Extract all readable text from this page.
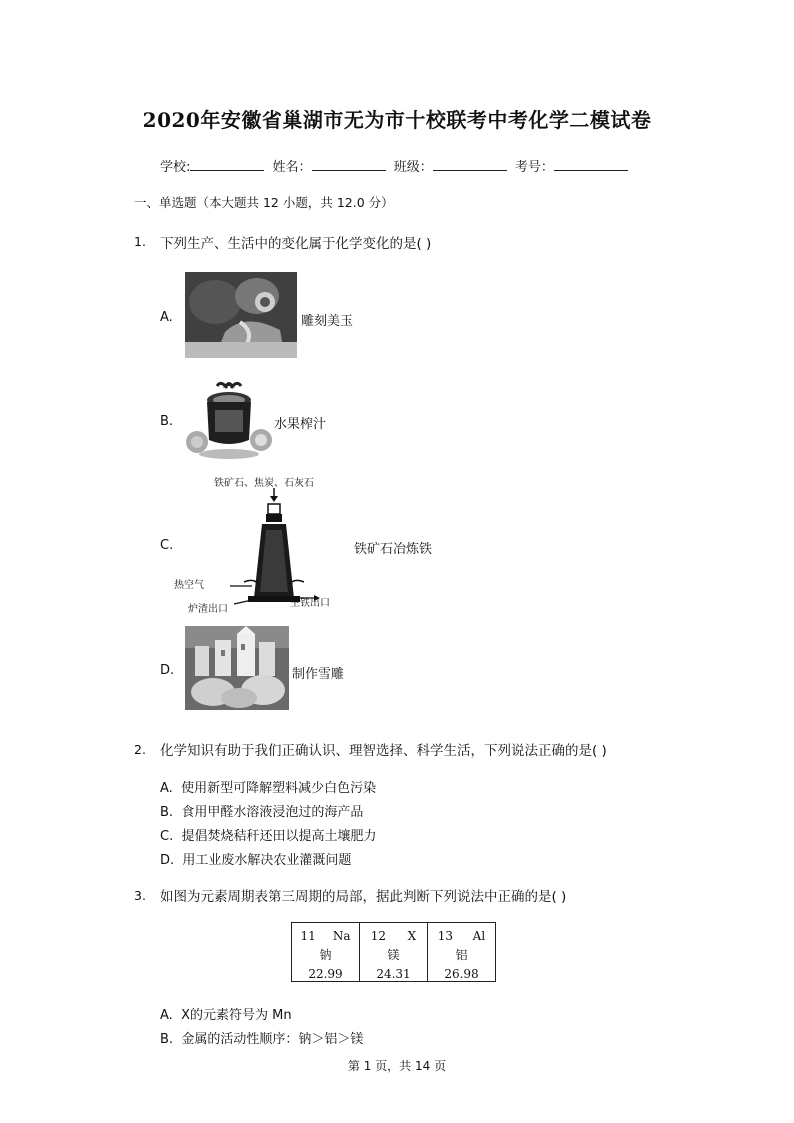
2020年安徽省巢湖市无为市十校联考中考化学二模试卷
学校:	姓名：	班级：	考号：
一、单选题（本大题共 12 小题，共 12.0 分）
1. 下列生产、生活中的变化属于化学变化的是( )
A.	雕刻美玉
B.	水果榨汁
C.
铁矿石、焦炭、石灰石
热空气
生铁出口
炉渣出口
铁矿石冶炼铁
D.	制作雪雕
2. 化学知识有助于我们正确认识、理智选择、科学生活，下列说法正确的是( )
A. 使用新型可降解塑料减少白色污染
B. 食用甲醛水溶液浸泡过的海产品
C. 提倡焚烧秸秆还田以提高土壤肥力
D. 用工业废水解决农业灌溉问题
3. 如图为元素周期表第三周期的局部，据此判断下列说法中正确的是( )
11 Na
钠
22.99

12 X
镁
24.31

13 Al
铝
26.98
A. X的元素符号为 Mn
B. 金属的活动性顺序：钠＞铝＞镁
第 1 页，共 14 页
